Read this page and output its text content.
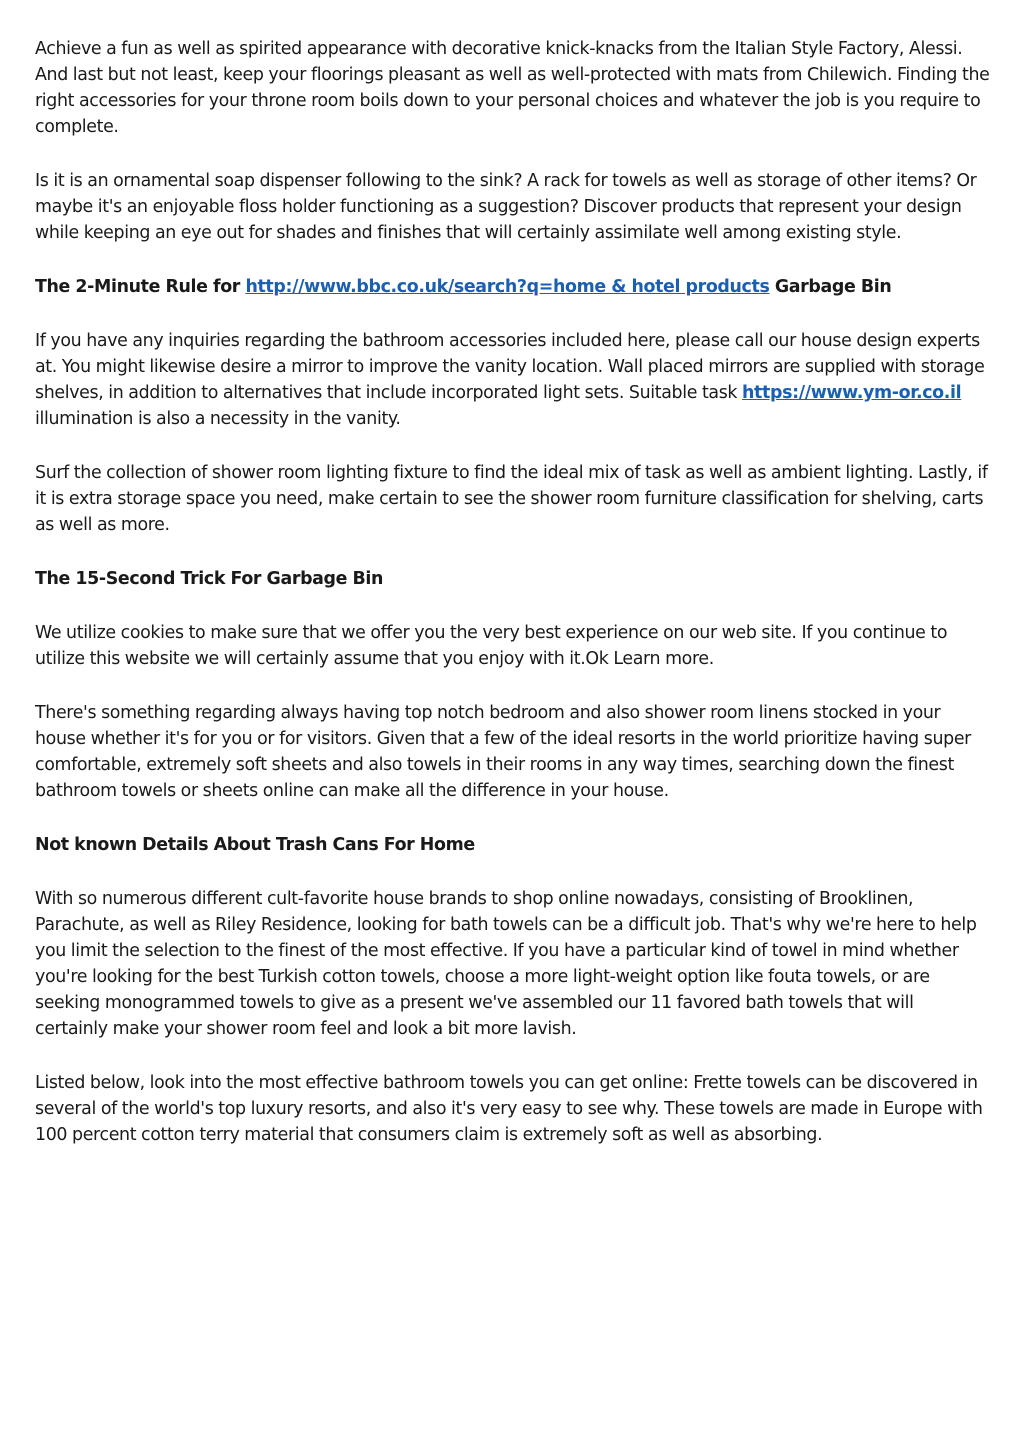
Achieve a fun as well as spirited appearance with decorative knick-knacks from the Italian Style Factory, Alessi. And last but not least, keep your floorings pleasant as well as well-protected with mats from Chilewich. Finding the right accessories for your throne room boils down to your personal choices and whatever the job is you require to complete.

Is it is an ornamental soap dispenser following to the sink? A rack for towels as well as storage of other items? Or maybe it's an enjoyable floss holder functioning as a suggestion? Discover products that represent your design while keeping an eye out for shades and finishes that will certainly assimilate well among existing style.

The 2-Minute Rule for http://www.bbc.co.uk/search?q=home & hotel products Garbage Bin

If you have any inquiries regarding the bathroom accessories included here, please call our house design experts at. You might likewise desire a mirror to improve the vanity location. Wall placed mirrors are supplied with storage shelves, in addition to alternatives that include incorporated light sets. Suitable task https://www.ym-or.co.il illumination is also a necessity in the vanity.

Surf the collection of shower room lighting fixture to find the ideal mix of task as well as ambient lighting. Lastly, if it is extra storage space you need, make certain to see the shower room furniture classification for shelving, carts as well as more.

The 15-Second Trick For Garbage Bin

We utilize cookies to make sure that we offer you the very best experience on our web site. If you continue to utilize this website we will certainly assume that you enjoy with it.Ok Learn more.

There's something regarding always having top notch bedroom and also shower room linens stocked in your house whether it's for you or for visitors. Given that a few of the ideal resorts in the world prioritize having super comfortable, extremely soft sheets and also towels in their rooms in any way times, searching down the finest bathroom towels or sheets online can make all the difference in your house.

Not known Details About Trash Cans For Home

With so numerous different cult-favorite house brands to shop online nowadays, consisting of Brooklinen, Parachute, as well as Riley Residence, looking for bath towels can be a difficult job. That's why we're here to help you limit the selection to the finest of the most effective. If you have a particular kind of towel in mind whether you're looking for the best Turkish cotton towels, choose a more light-weight option like fouta towels, or are seeking monogrammed towels to give as a present we've assembled our 11 favored bath towels that will certainly make your shower room feel and look a bit more lavish.

Listed below, look into the most effective bathroom towels you can get online: Frette towels can be discovered in several of the world's top luxury resorts, and also it's very easy to see why. These towels are made in Europe with 100 percent cotton terry material that consumers claim is extremely soft as well as absorbing.
